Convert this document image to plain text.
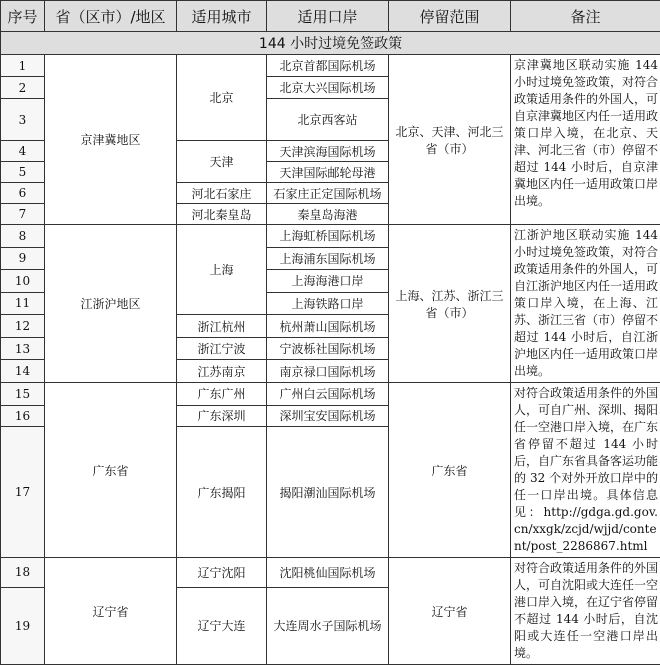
序号	省（区市）/地区	适用城市	适用口岸	停留范围	备注
144 小时过境免签政策					
1	京津冀地区	北京	北京首都国际机场	北京、天津、河北三省（市）	京津冀地区联动实施 144 小时过境免签政策，对符合政策适用条件的外国人，可自京津冀地区内任一适用政策口岸入境，在北京、天津、河北三省（市）停留不超过 144 小时后，自京津冀地区内任一适用政策口岸出境。
2			北京大兴国际机场		
3			北京西客站		
4		天津	天津滨海国际机场		
5			天津国际邮轮母港		
6		河北石家庄	石家庄正定国际机场		
7		河北秦皇岛	秦皇岛海港		
8	江浙沪地区	上海	上海虹桥国际机场	上海、江苏、浙江三省（市）	江浙沪地区联动实施 144 小时过境免签政策，对符合政策适用条件的外国人，可自江浙沪地区内任一适用政策口岸入境，在上海、江苏、浙江三省（市）停留不超过 144 小时后，自江浙沪地区内任一适用政策口岸出境。
9			上海浦东国际机场		
10			上海海港口岸		
11			上海铁路口岸		
12		浙江杭州	杭州萧山国际机场		
13		浙江宁波	宁波栎社国际机场		
14		江苏南京	南京禄口国际机场		
15	广东省	广东广州	广州白云国际机场	广东省	对符合政策适用条件的外国人，可自广州、深圳、揭阳任一空港口岸入境，在广东省停留不超过 144 小时后，自广东省具备客运功能的 32 个对外开放口岸中的任一口岸出境。具体信息见：http://gdga.gd.gov.cn/xxgk/zcjd/wjjd/content/post_2286867.html
16		广东深圳	深圳宝安国际机场		
17		广东揭阳	揭阳潮汕国际机场		
18	辽宁省	辽宁沈阳	沈阳桃仙国际机场	辽宁省	对符合政策适用条件的外国人，可自沈阳或大连任一空港口岸入境，在辽宁省停留不超过 144 小时后，自沈阳或大连任一空港口岸出境。
19		辽宁大连	大连周水子国际机场		
